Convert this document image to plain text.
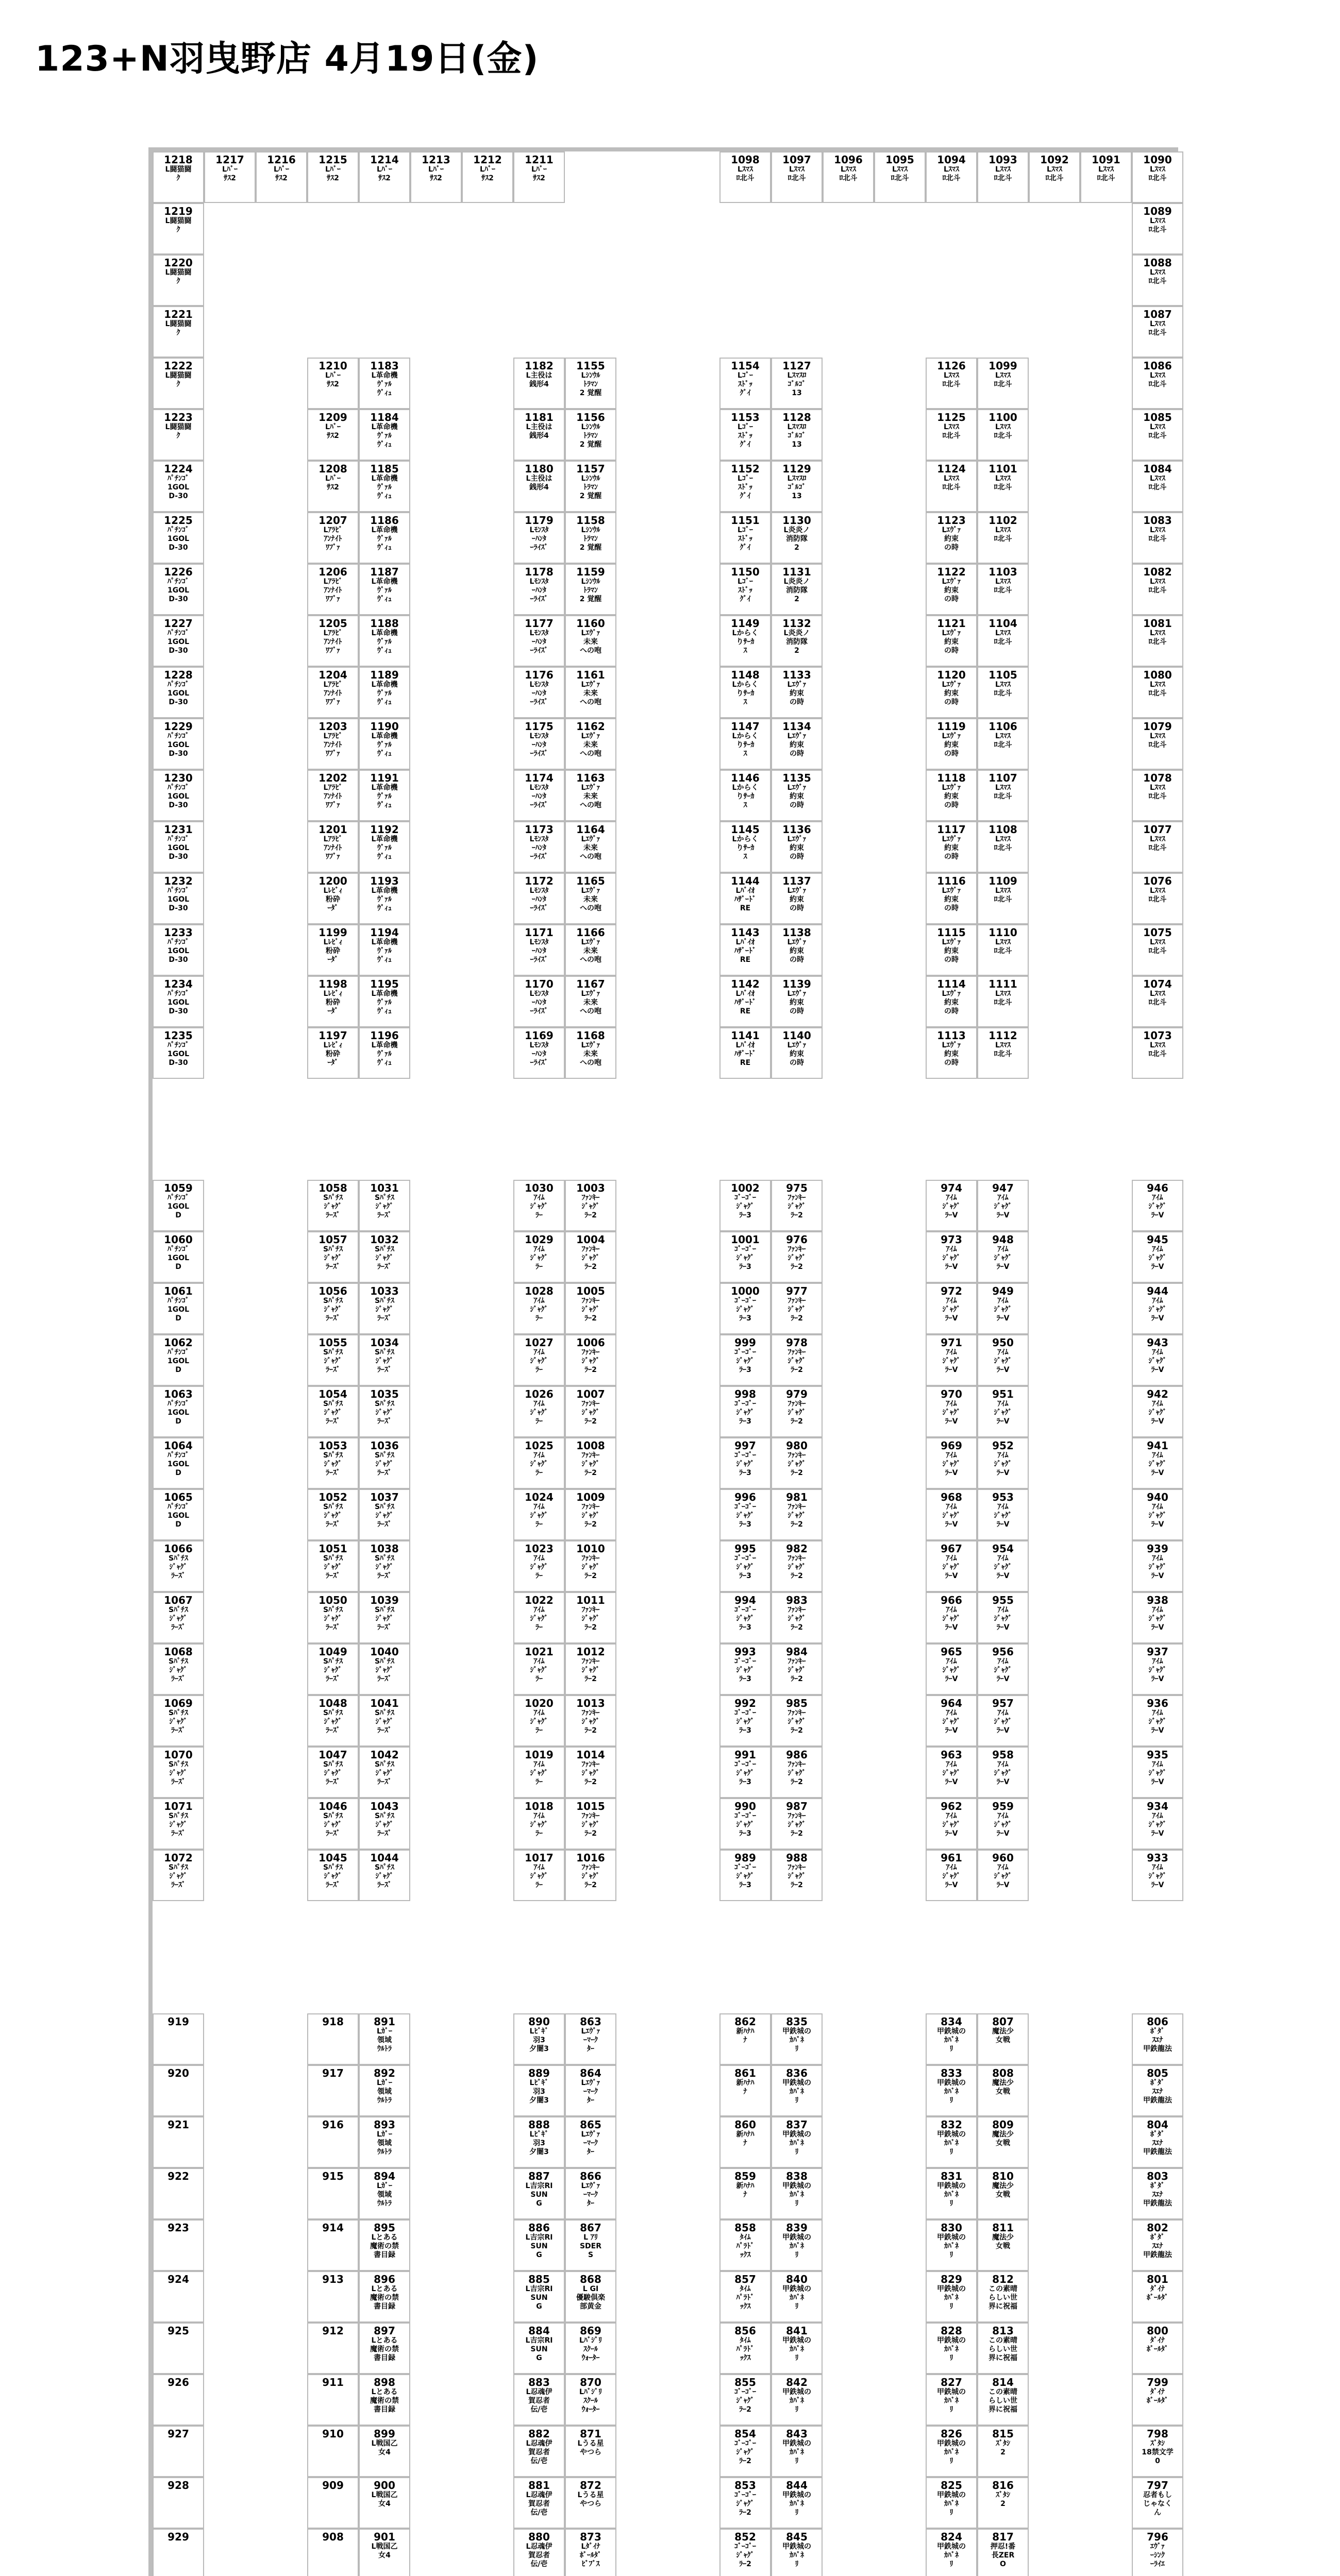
123+N羽曳野店 4月19日(金)
1218
L闘猫闘
ｸ
1217
Lﾊﾞｰ
ｻｽ2
1216
Lﾊﾞｰ
ｻｽ2
1215
Lﾊﾞｰ
ｻｽ2
1214
Lﾊﾞｰ
ｻｽ2
1213
Lﾊﾞｰ
ｻｽ2
1212
Lﾊﾞｰ
ｻｽ2
1211
Lﾊﾞｰ
ｻｽ2
1098
Lｽﾏｽ
ﾛ北斗
1097
Lｽﾏｽ
ﾛ北斗
1096
Lｽﾏｽ
ﾛ北斗
1095
Lｽﾏｽ
ﾛ北斗
1094
Lｽﾏｽ
ﾛ北斗
1093
Lｽﾏｽ
ﾛ北斗
1092
Lｽﾏｽ
ﾛ北斗
1091
Lｽﾏｽ
ﾛ北斗
1090
Lｽﾏｽ
ﾛ北斗
1219
L闘猫闘
ｸ
1220
L闘猫闘
ｸ
1221
L闘猫闘
ｸ
1222
L闘猫闘
ｸ
1223
L闘猫闘
ｸ
1224
ﾊﾟﾁﾝｺﾞ
1GOL
D-30
1225
ﾊﾟﾁﾝｺﾞ
1GOL
D-30
1226
ﾊﾟﾁﾝｺﾞ
1GOL
D-30
1227
ﾊﾟﾁﾝｺﾞ
1GOL
D-30
1228
ﾊﾟﾁﾝｺﾞ
1GOL
D-30
1229
ﾊﾟﾁﾝｺﾞ
1GOL
D-30
1230
ﾊﾟﾁﾝｺﾞ
1GOL
D-30
1231
ﾊﾟﾁﾝｺﾞ
1GOL
D-30
1232
ﾊﾟﾁﾝｺﾞ
1GOL
D-30
1233
ﾊﾟﾁﾝｺﾞ
1GOL
D-30
1234
ﾊﾟﾁﾝｺﾞ
1GOL
D-30
1235
ﾊﾟﾁﾝｺﾞ
1GOL
D-30
1059
ﾊﾟﾁﾝｺﾞ
1GOL
D
1060
ﾊﾟﾁﾝｺﾞ
1GOL
D
1061
ﾊﾟﾁﾝｺﾞ
1GOL
D
1062
ﾊﾟﾁﾝｺﾞ
1GOL
D
1063
ﾊﾟﾁﾝｺﾞ
1GOL
D
1064
ﾊﾟﾁﾝｺﾞ
1GOL
D
1065
ﾊﾟﾁﾝｺﾞ
1GOL
D
1066
Sﾊﾟﾁｽ
ｼﾞｬｸﾞ
ﾗｰｽﾞ
1067
Sﾊﾟﾁｽ
ｼﾞｬｸﾞ
ﾗｰｽﾞ
1068
Sﾊﾟﾁｽ
ｼﾞｬｸﾞ
ﾗｰｽﾞ
1069
Sﾊﾟﾁｽ
ｼﾞｬｸﾞ
ﾗｰｽﾞ
1070
Sﾊﾟﾁｽ
ｼﾞｬｸﾞ
ﾗｰｽﾞ
1071
Sﾊﾟﾁｽ
ｼﾞｬｸﾞ
ﾗｰｽﾞ
1072
Sﾊﾟﾁｽ
ｼﾞｬｸﾞ
ﾗｰｽﾞ
919
920
921
922
923
924
925
926
927
928
929
1089
Lｽﾏｽ
ﾛ北斗
1088
Lｽﾏｽ
ﾛ北斗
1087
Lｽﾏｽ
ﾛ北斗
1086
Lｽﾏｽ
ﾛ北斗
1085
Lｽﾏｽ
ﾛ北斗
1084
Lｽﾏｽ
ﾛ北斗
1083
Lｽﾏｽ
ﾛ北斗
1082
Lｽﾏｽ
ﾛ北斗
1081
Lｽﾏｽ
ﾛ北斗
1080
Lｽﾏｽ
ﾛ北斗
1079
Lｽﾏｽ
ﾛ北斗
1078
Lｽﾏｽ
ﾛ北斗
1077
Lｽﾏｽ
ﾛ北斗
1076
Lｽﾏｽ
ﾛ北斗
1075
Lｽﾏｽ
ﾛ北斗
1074
Lｽﾏｽ
ﾛ北斗
1073
Lｽﾏｽ
ﾛ北斗
946
ｱｲﾑ
ｼﾞｬｸﾞ
ﾗｰV
945
ｱｲﾑ
ｼﾞｬｸﾞ
ﾗｰV
944
ｱｲﾑ
ｼﾞｬｸﾞ
ﾗｰV
943
ｱｲﾑ
ｼﾞｬｸﾞ
ﾗｰV
942
ｱｲﾑ
ｼﾞｬｸﾞ
ﾗｰV
941
ｱｲﾑ
ｼﾞｬｸﾞ
ﾗｰV
940
ｱｲﾑ
ｼﾞｬｸﾞ
ﾗｰV
939
ｱｲﾑ
ｼﾞｬｸﾞ
ﾗｰV
938
ｱｲﾑ
ｼﾞｬｸﾞ
ﾗｰV
937
ｱｲﾑ
ｼﾞｬｸﾞ
ﾗｰV
936
ｱｲﾑ
ｼﾞｬｸﾞ
ﾗｰV
935
ｱｲﾑ
ｼﾞｬｸﾞ
ﾗｰV
934
ｱｲﾑ
ｼﾞｬｸﾞ
ﾗｰV
933
ｱｲﾑ
ｼﾞｬｸﾞ
ﾗｰV
806
ﾎﾞﾀﾞ
ｽｴﾅ
甲鉄龍法
805
ﾎﾞﾀﾞ
ｽｴﾅ
甲鉄龍法
804
ﾎﾞﾀﾞ
ｽｴﾅ
甲鉄龍法
803
ﾎﾞﾀﾞ
ｽｴﾅ
甲鉄龍法
802
ﾎﾞﾀﾞ
ｽｴﾅ
甲鉄龍法
801
ﾀﾞｲﾅ
ﾎﾞｰﾙﾀﾞ
800
ﾀﾞｲﾅ
ﾎﾞｰﾙﾀﾞ
799
ﾀﾞｲﾅ
ﾎﾞｰﾙﾀﾞ
798
ｽﾞﾀｼ
18禁文学
0
797
忍者もし
じゃなく
ん
796
ｴｳﾞｧ
ｰｼﾝｸ
ｰﾗｲｴ
1210
Lﾊﾞｰ
ｻｽ2
1183
L革命機
ｳﾞｧﾙ
ｳﾞｨｭ
1209
Lﾊﾞｰ
ｻｽ2
1184
L革命機
ｳﾞｧﾙ
ｳﾞｨｭ
1208
Lﾊﾞｰ
ｻｽ2
1185
L革命機
ｳﾞｧﾙ
ｳﾞｨｭ
1207
Lｱﾗﾋﾞ
ｱﾝﾅｲﾄ
ﾜﾌﾞｧ
1186
L革命機
ｳﾞｧﾙ
ｳﾞｨｭ
1206
Lｱﾗﾋﾞ
ｱﾝﾅｲﾄ
ﾜﾌﾞｧ
1187
L革命機
ｳﾞｧﾙ
ｳﾞｨｭ
1205
Lｱﾗﾋﾞ
ｱﾝﾅｲﾄ
ﾜﾌﾞｧ
1188
L革命機
ｳﾞｧﾙ
ｳﾞｨｭ
1204
Lｱﾗﾋﾞ
ｱﾝﾅｲﾄ
ﾜﾌﾞｧ
1189
L革命機
ｳﾞｧﾙ
ｳﾞｨｭ
1203
Lｱﾗﾋﾞ
ｱﾝﾅｲﾄ
ﾜﾌﾞｧ
1190
L革命機
ｳﾞｧﾙ
ｳﾞｨｭ
1202
Lｱﾗﾋﾞ
ｱﾝﾅｲﾄ
ﾜﾌﾞｧ
1191
L革命機
ｳﾞｧﾙ
ｳﾞｨｭ
1201
Lｱﾗﾋﾞ
ｱﾝﾅｲﾄ
ﾜﾌﾞｧ
1192
L革命機
ｳﾞｧﾙ
ｳﾞｨｭ
1200
Lﾚﾋﾞｨ
粉砕
ｰﾀﾞ
1193
L革命機
ｳﾞｧﾙ
ｳﾞｨｭ
1199
Lﾚﾋﾞｨ
粉砕
ｰﾀﾞ
1194
L革命機
ｳﾞｧﾙ
ｳﾞｨｭ
1198
Lﾚﾋﾞｨ
粉砕
ｰﾀﾞ
1195
L革命機
ｳﾞｧﾙ
ｳﾞｨｭ
1197
Lﾚﾋﾞｨ
粉砕
ｰﾀﾞ
1196
L革命機
ｳﾞｧﾙ
ｳﾞｨｭ
1182
L主役は
銭形4
1155
Lｼﾝｳﾙ
ﾄﾗﾏﾝ
2 覚醒
1181
L主役は
銭形4
1156
Lｼﾝｳﾙ
ﾄﾗﾏﾝ
2 覚醒
1180
L主役は
銭形4
1157
Lｼﾝｳﾙ
ﾄﾗﾏﾝ
2 覚醒
1179
Lﾓﾝｽﾀ
ｰﾊﾝﾀ
ｰﾗｲｽﾞ
1158
Lｼﾝｳﾙ
ﾄﾗﾏﾝ
2 覚醒
1178
Lﾓﾝｽﾀ
ｰﾊﾝﾀ
ｰﾗｲｽﾞ
1159
Lｼﾝｳﾙ
ﾄﾗﾏﾝ
2 覚醒
1177
Lﾓﾝｽﾀ
ｰﾊﾝﾀ
ｰﾗｲｽﾞ
1160
Lｴｳﾞｧ
未来
への咆
1176
Lﾓﾝｽﾀ
ｰﾊﾝﾀ
ｰﾗｲｽﾞ
1161
Lｴｳﾞｧ
未来
への咆
1175
Lﾓﾝｽﾀ
ｰﾊﾝﾀ
ｰﾗｲｽﾞ
1162
Lｴｳﾞｧ
未来
への咆
1174
Lﾓﾝｽﾀ
ｰﾊﾝﾀ
ｰﾗｲｽﾞ
1163
Lｴｳﾞｧ
未来
への咆
1173
Lﾓﾝｽﾀ
ｰﾊﾝﾀ
ｰﾗｲｽﾞ
1164
Lｴｳﾞｧ
未来
への咆
1172
Lﾓﾝｽﾀ
ｰﾊﾝﾀ
ｰﾗｲｽﾞ
1165
Lｴｳﾞｧ
未来
への咆
1171
Lﾓﾝｽﾀ
ｰﾊﾝﾀ
ｰﾗｲｽﾞ
1166
Lｴｳﾞｧ
未来
への咆
1170
Lﾓﾝｽﾀ
ｰﾊﾝﾀ
ｰﾗｲｽﾞ
1167
Lｴｳﾞｧ
未来
への咆
1169
Lﾓﾝｽﾀ
ｰﾊﾝﾀ
ｰﾗｲｽﾞ
1168
Lｴｳﾞｧ
未来
への咆
1154
Lｺﾞｰ
ｽﾄﾞｯ
ｸﾞｲ
1127
Lｽﾏｽﾛ
ｺﾞﾙｺﾞ
13
1153
Lｺﾞｰ
ｽﾄﾞｯ
ｸﾞｲ
1128
Lｽﾏｽﾛ
ｺﾞﾙｺﾞ
13
1152
Lｺﾞｰ
ｽﾄﾞｯ
ｸﾞｲ
1129
Lｽﾏｽﾛ
ｺﾞﾙｺﾞ
13
1151
Lｺﾞｰ
ｽﾄﾞｯ
ｸﾞｲ
1130
L炎炎ノ
消防隊
2
1150
Lｺﾞｰ
ｽﾄﾞｯ
ｸﾞｲ
1131
L炎炎ノ
消防隊
2
1149
Lからく
りｻｰｶ
ｽ
1132
L炎炎ノ
消防隊
2
1148
Lからく
りｻｰｶ
ｽ
1133
Lｴｳﾞｧ
約束
の時
1147
Lからく
りｻｰｶ
ｽ
1134
Lｴｳﾞｧ
約束
の時
1146
Lからく
りｻｰｶ
ｽ
1135
Lｴｳﾞｧ
約束
の時
1145
Lからく
りｻｰｶ
ｽ
1136
Lｴｳﾞｧ
約束
の時
1144
Lﾊﾞｲｵ
ﾊｻﾞｰﾄﾞ
RE
1137
Lｴｳﾞｧ
約束
の時
1143
Lﾊﾞｲｵ
ﾊｻﾞｰﾄﾞ
RE
1138
Lｴｳﾞｧ
約束
の時
1142
Lﾊﾞｲｵ
ﾊｻﾞｰﾄﾞ
RE
1139
Lｴｳﾞｧ
約束
の時
1141
Lﾊﾞｲｵ
ﾊｻﾞｰﾄﾞ
RE
1140
Lｴｳﾞｧ
約束
の時
1126
Lｽﾏｽ
ﾛ北斗
1099
Lｽﾏｽ
ﾛ北斗
1125
Lｽﾏｽ
ﾛ北斗
1100
Lｽﾏｽ
ﾛ北斗
1124
Lｽﾏｽ
ﾛ北斗
1101
Lｽﾏｽ
ﾛ北斗
1123
Lｴｳﾞｧ
約束
の時
1102
Lｽﾏｽ
ﾛ北斗
1122
Lｴｳﾞｧ
約束
の時
1103
Lｽﾏｽ
ﾛ北斗
1121
Lｴｳﾞｧ
約束
の時
1104
Lｽﾏｽ
ﾛ北斗
1120
Lｴｳﾞｧ
約束
の時
1105
Lｽﾏｽ
ﾛ北斗
1119
Lｴｳﾞｧ
約束
の時
1106
Lｽﾏｽ
ﾛ北斗
1118
Lｴｳﾞｧ
約束
の時
1107
Lｽﾏｽ
ﾛ北斗
1117
Lｴｳﾞｧ
約束
の時
1108
Lｽﾏｽ
ﾛ北斗
1116
Lｴｳﾞｧ
約束
の時
1109
Lｽﾏｽ
ﾛ北斗
1115
Lｴｳﾞｧ
約束
の時
1110
Lｽﾏｽ
ﾛ北斗
1114
Lｴｳﾞｧ
約束
の時
1111
Lｽﾏｽ
ﾛ北斗
1113
Lｴｳﾞｧ
約束
の時
1112
Lｽﾏｽ
ﾛ北斗
1058
Sﾊﾟﾁｽ
ｼﾞｬｸﾞ
ﾗｰｽﾞ
1031
Sﾊﾟﾁｽ
ｼﾞｬｸﾞ
ﾗｰｽﾞ
1057
Sﾊﾟﾁｽ
ｼﾞｬｸﾞ
ﾗｰｽﾞ
1032
Sﾊﾟﾁｽ
ｼﾞｬｸﾞ
ﾗｰｽﾞ
1056
Sﾊﾟﾁｽ
ｼﾞｬｸﾞ
ﾗｰｽﾞ
1033
Sﾊﾟﾁｽ
ｼﾞｬｸﾞ
ﾗｰｽﾞ
1055
Sﾊﾟﾁｽ
ｼﾞｬｸﾞ
ﾗｰｽﾞ
1034
Sﾊﾟﾁｽ
ｼﾞｬｸﾞ
ﾗｰｽﾞ
1054
Sﾊﾟﾁｽ
ｼﾞｬｸﾞ
ﾗｰｽﾞ
1035
Sﾊﾟﾁｽ
ｼﾞｬｸﾞ
ﾗｰｽﾞ
1053
Sﾊﾟﾁｽ
ｼﾞｬｸﾞ
ﾗｰｽﾞ
1036
Sﾊﾟﾁｽ
ｼﾞｬｸﾞ
ﾗｰｽﾞ
1052
Sﾊﾟﾁｽ
ｼﾞｬｸﾞ
ﾗｰｽﾞ
1037
Sﾊﾟﾁｽ
ｼﾞｬｸﾞ
ﾗｰｽﾞ
1051
Sﾊﾟﾁｽ
ｼﾞｬｸﾞ
ﾗｰｽﾞ
1038
Sﾊﾟﾁｽ
ｼﾞｬｸﾞ
ﾗｰｽﾞ
1050
Sﾊﾟﾁｽ
ｼﾞｬｸﾞ
ﾗｰｽﾞ
1039
Sﾊﾟﾁｽ
ｼﾞｬｸﾞ
ﾗｰｽﾞ
1049
Sﾊﾟﾁｽ
ｼﾞｬｸﾞ
ﾗｰｽﾞ
1040
Sﾊﾟﾁｽ
ｼﾞｬｸﾞ
ﾗｰｽﾞ
1048
Sﾊﾟﾁｽ
ｼﾞｬｸﾞ
ﾗｰｽﾞ
1041
Sﾊﾟﾁｽ
ｼﾞｬｸﾞ
ﾗｰｽﾞ
1047
Sﾊﾟﾁｽ
ｼﾞｬｸﾞ
ﾗｰｽﾞ
1042
Sﾊﾟﾁｽ
ｼﾞｬｸﾞ
ﾗｰｽﾞ
1046
Sﾊﾟﾁｽ
ｼﾞｬｸﾞ
ﾗｰｽﾞ
1043
Sﾊﾟﾁｽ
ｼﾞｬｸﾞ
ﾗｰｽﾞ
1045
Sﾊﾟﾁｽ
ｼﾞｬｸﾞ
ﾗｰｽﾞ
1044
Sﾊﾟﾁｽ
ｼﾞｬｸﾞ
ﾗｰｽﾞ
1030
ｱｲﾑ
ｼﾞｬｸﾞ
ﾗｰ
1003
ﾌｧﾝｷｰ
ｼﾞｬｸﾞ
ﾗｰ2
1029
ｱｲﾑ
ｼﾞｬｸﾞ
ﾗｰ
1004
ﾌｧﾝｷｰ
ｼﾞｬｸﾞ
ﾗｰ2
1028
ｱｲﾑ
ｼﾞｬｸﾞ
ﾗｰ
1005
ﾌｧﾝｷｰ
ｼﾞｬｸﾞ
ﾗｰ2
1027
ｱｲﾑ
ｼﾞｬｸﾞ
ﾗｰ
1006
ﾌｧﾝｷｰ
ｼﾞｬｸﾞ
ﾗｰ2
1026
ｱｲﾑ
ｼﾞｬｸﾞ
ﾗｰ
1007
ﾌｧﾝｷｰ
ｼﾞｬｸﾞ
ﾗｰ2
1025
ｱｲﾑ
ｼﾞｬｸﾞ
ﾗｰ
1008
ﾌｧﾝｷｰ
ｼﾞｬｸﾞ
ﾗｰ2
1024
ｱｲﾑ
ｼﾞｬｸﾞ
ﾗｰ
1009
ﾌｧﾝｷｰ
ｼﾞｬｸﾞ
ﾗｰ2
1023
ｱｲﾑ
ｼﾞｬｸﾞ
ﾗｰ
1010
ﾌｧﾝｷｰ
ｼﾞｬｸﾞ
ﾗｰ2
1022
ｱｲﾑ
ｼﾞｬｸﾞ
ﾗｰ
1011
ﾌｧﾝｷｰ
ｼﾞｬｸﾞ
ﾗｰ2
1021
ｱｲﾑ
ｼﾞｬｸﾞ
ﾗｰ
1012
ﾌｧﾝｷｰ
ｼﾞｬｸﾞ
ﾗｰ2
1020
ｱｲﾑ
ｼﾞｬｸﾞ
ﾗｰ
1013
ﾌｧﾝｷｰ
ｼﾞｬｸﾞ
ﾗｰ2
1019
ｱｲﾑ
ｼﾞｬｸﾞ
ﾗｰ
1014
ﾌｧﾝｷｰ
ｼﾞｬｸﾞ
ﾗｰ2
1018
ｱｲﾑ
ｼﾞｬｸﾞ
ﾗｰ
1015
ﾌｧﾝｷｰ
ｼﾞｬｸﾞ
ﾗｰ2
1017
ｱｲﾑ
ｼﾞｬｸﾞ
ﾗｰ
1016
ﾌｧﾝｷｰ
ｼﾞｬｸﾞ
ﾗｰ2
1002
ｺﾞｰｺﾞｰ
ｼﾞｬｸﾞ
ﾗｰ3
975
ﾌｧﾝｷｰ
ｼﾞｬｸﾞ
ﾗｰ2
1001
ｺﾞｰｺﾞｰ
ｼﾞｬｸﾞ
ﾗｰ3
976
ﾌｧﾝｷｰ
ｼﾞｬｸﾞ
ﾗｰ2
1000
ｺﾞｰｺﾞｰ
ｼﾞｬｸﾞ
ﾗｰ3
977
ﾌｧﾝｷｰ
ｼﾞｬｸﾞ
ﾗｰ2
999
ｺﾞｰｺﾞｰ
ｼﾞｬｸﾞ
ﾗｰ3
978
ﾌｧﾝｷｰ
ｼﾞｬｸﾞ
ﾗｰ2
998
ｺﾞｰｺﾞｰ
ｼﾞｬｸﾞ
ﾗｰ3
979
ﾌｧﾝｷｰ
ｼﾞｬｸﾞ
ﾗｰ2
997
ｺﾞｰｺﾞｰ
ｼﾞｬｸﾞ
ﾗｰ3
980
ﾌｧﾝｷｰ
ｼﾞｬｸﾞ
ﾗｰ2
996
ｺﾞｰｺﾞｰ
ｼﾞｬｸﾞ
ﾗｰ3
981
ﾌｧﾝｷｰ
ｼﾞｬｸﾞ
ﾗｰ2
995
ｺﾞｰｺﾞｰ
ｼﾞｬｸﾞ
ﾗｰ3
982
ﾌｧﾝｷｰ
ｼﾞｬｸﾞ
ﾗｰ2
994
ｺﾞｰｺﾞｰ
ｼﾞｬｸﾞ
ﾗｰ3
983
ﾌｧﾝｷｰ
ｼﾞｬｸﾞ
ﾗｰ2
993
ｺﾞｰｺﾞｰ
ｼﾞｬｸﾞ
ﾗｰ3
984
ﾌｧﾝｷｰ
ｼﾞｬｸﾞ
ﾗｰ2
992
ｺﾞｰｺﾞｰ
ｼﾞｬｸﾞ
ﾗｰ3
985
ﾌｧﾝｷｰ
ｼﾞｬｸﾞ
ﾗｰ2
991
ｺﾞｰｺﾞｰ
ｼﾞｬｸﾞ
ﾗｰ3
986
ﾌｧﾝｷｰ
ｼﾞｬｸﾞ
ﾗｰ2
990
ｺﾞｰｺﾞｰ
ｼﾞｬｸﾞ
ﾗｰ3
987
ﾌｧﾝｷｰ
ｼﾞｬｸﾞ
ﾗｰ2
989
ｺﾞｰｺﾞｰ
ｼﾞｬｸﾞ
ﾗｰ3
988
ﾌｧﾝｷｰ
ｼﾞｬｸﾞ
ﾗｰ2
974
ｱｲﾑ
ｼﾞｬｸﾞ
ﾗｰV
947
ｱｲﾑ
ｼﾞｬｸﾞ
ﾗｰV
973
ｱｲﾑ
ｼﾞｬｸﾞ
ﾗｰV
948
ｱｲﾑ
ｼﾞｬｸﾞ
ﾗｰV
972
ｱｲﾑ
ｼﾞｬｸﾞ
ﾗｰV
949
ｱｲﾑ
ｼﾞｬｸﾞ
ﾗｰV
971
ｱｲﾑ
ｼﾞｬｸﾞ
ﾗｰV
950
ｱｲﾑ
ｼﾞｬｸﾞ
ﾗｰV
970
ｱｲﾑ
ｼﾞｬｸﾞ
ﾗｰV
951
ｱｲﾑ
ｼﾞｬｸﾞ
ﾗｰV
969
ｱｲﾑ
ｼﾞｬｸﾞ
ﾗｰV
952
ｱｲﾑ
ｼﾞｬｸﾞ
ﾗｰV
968
ｱｲﾑ
ｼﾞｬｸﾞ
ﾗｰV
953
ｱｲﾑ
ｼﾞｬｸﾞ
ﾗｰV
967
ｱｲﾑ
ｼﾞｬｸﾞ
ﾗｰV
954
ｱｲﾑ
ｼﾞｬｸﾞ
ﾗｰV
966
ｱｲﾑ
ｼﾞｬｸﾞ
ﾗｰV
955
ｱｲﾑ
ｼﾞｬｸﾞ
ﾗｰV
965
ｱｲﾑ
ｼﾞｬｸﾞ
ﾗｰV
956
ｱｲﾑ
ｼﾞｬｸﾞ
ﾗｰV
964
ｱｲﾑ
ｼﾞｬｸﾞ
ﾗｰV
957
ｱｲﾑ
ｼﾞｬｸﾞ
ﾗｰV
963
ｱｲﾑ
ｼﾞｬｸﾞ
ﾗｰV
958
ｱｲﾑ
ｼﾞｬｸﾞ
ﾗｰV
962
ｱｲﾑ
ｼﾞｬｸﾞ
ﾗｰV
959
ｱｲﾑ
ｼﾞｬｸﾞ
ﾗｰV
961
ｱｲﾑ
ｼﾞｬｸﾞ
ﾗｰV
960
ｱｲﾑ
ｼﾞｬｸﾞ
ﾗｰV
918	891
Lｶﾞｰ
領域
ｳﾙﾄﾗ
917	892
Lｶﾞｰ
領域
ｳﾙﾄﾗ
916	893
Lｶﾞｰ
領域
ｳﾙﾄﾗ
915	894
Lｶﾞｰ
領域
ｳﾙﾄﾗ
914	895
Lとある
魔術の禁
書目録
913	896
Lとある
魔術の禁
書目録
912	897
Lとある
魔術の禁
書目録
911	898
Lとある
魔術の禁
書目録
910	899
L戦国乙
女4
909	900
L戦国乙
女4
908	901
L戦国乙
女4
890
Lﾋﾞｷﾞ
羽3
夕闇3
863
Lｴｳﾞｧ
ｰﾏｰｸ
ﾀｰ
889
Lﾋﾞｷﾞ
羽3
夕闇3
864
Lｴｳﾞｧ
ｰﾏｰｸ
ﾀｰ
888
Lﾋﾞｷﾞ
羽3
夕闇3
865
Lｴｳﾞｧ
ｰﾏｰｸ
ﾀｰ
887
L吉宗RI
SUN
G
866
Lｴｳﾞｧ
ｰﾏｰｸ
ﾀｰ
886
L吉宗RI
SUN
G
867
L ｱﾘ
SDER
S
885
L吉宗RI
SUN
G
868
L GI
優駿倶楽
部黄金
884
L吉宗RI
SUN
G
869
Lﾊﾞｼﾞﾘ
ｽｸｰﾙ
ｳｫｰﾀｰ
883
L忍魂伊
賀忍者
伝/壱
870
Lﾊﾞｼﾞﾘ
ｽｸｰﾙ
ｳｫｰﾀｰ
882
L忍魂伊
賀忍者
伝/壱
871
Lうる星
やつら
881
L忍魂伊
賀忍者
伝/壱
872
Lうる星
やつら
880
L忍魂伊
賀忍者
伝/壱
873
Lﾀﾞｲﾅ
ﾎﾞｰﾙﾀﾞ
ﾋﾞﾌﾞｽ
862
新ﾊﾅﾊ
ﾅ
835
甲鉄城の
ｶﾊﾞﾈ
ﾘ
861
新ﾊﾅﾊ
ﾅ
836
甲鉄城の
ｶﾊﾞﾈ
ﾘ
860
新ﾊﾅﾊ
ﾅ
837
甲鉄城の
ｶﾊﾞﾈ
ﾘ
859
新ﾊﾅﾊ
ﾅ
838
甲鉄城の
ｶﾊﾞﾈ
ﾘ
858
ﾀｲﾑ
ﾊﾟﾗﾄﾞ
ｯｸｽ
839
甲鉄城の
ｶﾊﾞﾈ
ﾘ
857
ﾀｲﾑ
ﾊﾟﾗﾄﾞ
ｯｸｽ
840
甲鉄城の
ｶﾊﾞﾈ
ﾘ
856
ﾀｲﾑ
ﾊﾟﾗﾄﾞ
ｯｸｽ
841
甲鉄城の
ｶﾊﾞﾈ
ﾘ
855
ｺﾞｰｺﾞｰ
ｼﾞｬｸﾞ
ﾗｰ2
842
甲鉄城の
ｶﾊﾞﾈ
ﾘ
854
ｺﾞｰｺﾞｰ
ｼﾞｬｸﾞ
ﾗｰ2
843
甲鉄城の
ｶﾊﾞﾈ
ﾘ
853
ｺﾞｰｺﾞｰ
ｼﾞｬｸﾞ
ﾗｰ2
844
甲鉄城の
ｶﾊﾞﾈ
ﾘ
852
ｺﾞｰｺﾞｰ
ｼﾞｬｸﾞ
ﾗｰ2
845
甲鉄城の
ｶﾊﾞﾈ
ﾘ
834
甲鉄城の
ｶﾊﾞﾈ
ﾘ
807
魔法少
女戦
833
甲鉄城の
ｶﾊﾞﾈ
ﾘ
808
魔法少
女戦
832
甲鉄城の
ｶﾊﾞﾈ
ﾘ
809
魔法少
女戦
831
甲鉄城の
ｶﾊﾞﾈ
ﾘ
810
魔法少
女戦
830
甲鉄城の
ｶﾊﾞﾈ
ﾘ
811
魔法少
女戦
829
甲鉄城の
ｶﾊﾞﾈ
ﾘ
812
この素晴
らしい世
界に祝福
828
甲鉄城の
ｶﾊﾞﾈ
ﾘ
813
この素晴
らしい世
界に祝福
827
甲鉄城の
ｶﾊﾞﾈ
ﾘ
814
この素晴
らしい世
界に祝福
826
甲鉄城の
ｶﾊﾞﾈ
ﾘ
815
ｽﾞﾀｼ
2
825
甲鉄城の
ｶﾊﾞﾈ
ﾘ
816
ｽﾞﾀｼ
2
824
甲鉄城の
ｶﾊﾞﾈ
ﾘ
817
押忍!番
長ZER
O
